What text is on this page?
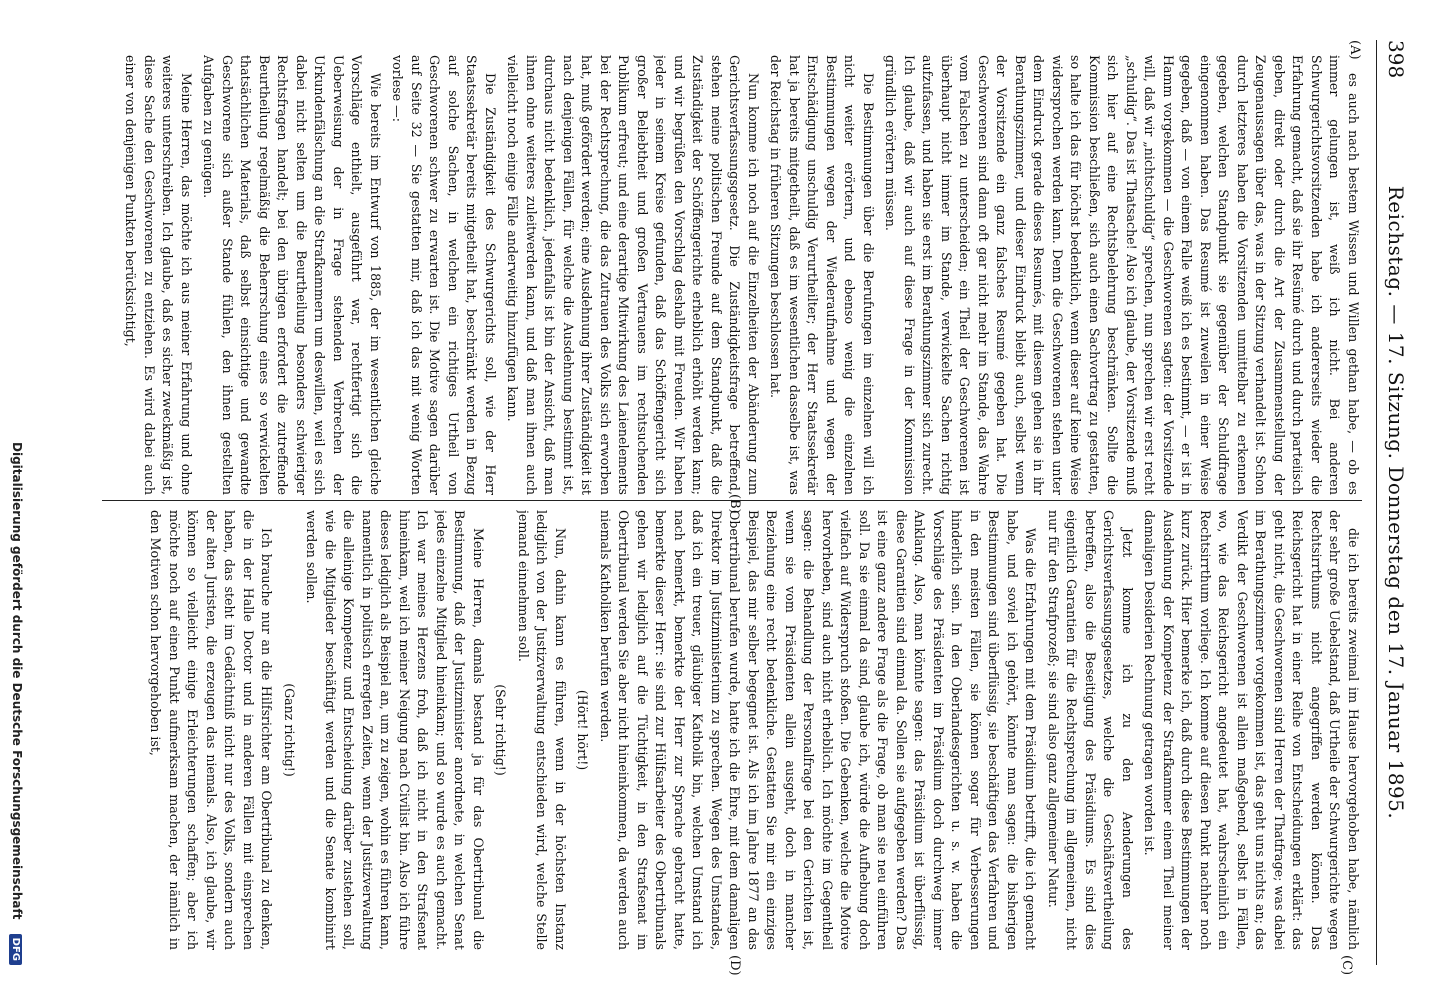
398
Reichstag. — 17. Sitzung. Donnerstag den 17. Januar 1895.
(A)
(B)
(C)
(D)

es auch nach bestem Wissen und Willen gethan habe, — ob es immer gelungen ist, weiß ich nicht. Bei anderen Schwurgerichtsvorsitzenden habe ich andererseits wieder die Erfahrung gemacht, daß sie ihr Resümé durch und durch parteiisch geben, direkt oder durch die Art der Zusammenstellung der Zeugenaussagen über das, was in der Sitzung verhandelt ist. Schon durch letzteres haben die Vorsitzenden unmittelbar zu erkennen gegeben, welchen Standpunkt sie gegenüber der Schuldfrage eingenommen haben. Das Resumé ist zuweilen in einer Weise gegeben, daß — von einem Falle weiß ich es bestimmt, — er ist in Hamm vorgekommen — die Geschworenen sagten: der Vorsitzende will, daß wir „nichtschuldig“ sprechen, nun sprechen wir erst recht „schuldig“. Das ist Thatsache! Also ich glaube, der Vorsitzende muß sich hier auf eine Rechtsbelehrung beschränken. Sollte die Kommission beschließen, sich auch einen Sachvortrag zu gestatten, so halte ich das für höchst bedenklich, wenn dieser auf keine Weise widersprochen werden kann. Denn die Geschworenen stehen unter dem Eindruck gerade dieses Resumés, mit diesem gehen sie in ihr Berathungszimmer, und dieser Eindruck bleibt auch, selbst wenn der Vorsitzende ein ganz falsches Resumé gegeben hat. Die Geschworenen sind dann oft gar nicht mehr im Stande, das Wahre vom Falschen zu unterscheiden; ein Theil der Geschworenen ist überhaupt nicht immer im Stande, verwickelte Sachen richtig aufzufassen, und haben sie erst im Berathungszimmer sich zurecht. Ich glaube, daß wir auch auf diese Frage in der Kommission gründlich erörtern müssen.

Die Bestimmungen über die Berufungen im einzelnen will ich nicht weiter erörtern, und ebenso wenig die einzelnen Bestimmungen wegen der Wiederaufnahme und wegen der Entschädigung unschuldig Verurtheilter; der Herr Staatssekretär hat ja bereits mitgetheilt, daß es im wesentlichen dasselbe ist, was der Reichstag in früheren Sitzungen beschlossen hat.

Nun komme ich noch auf die Einzelheiten der Abänderung zum Gerichtsverfassungsgesetz. Die Zuständigkeitsfrage betreffend, stehen meine politischen Freunde auf dem Standpunkt, daß die Zuständigkeit der Schöffengerichte erheblich erhöht werden kann; und wir begrüßen den Vorschlag deshalb mit Freuden. Wir haben jeder in seinem Kreise gefunden, daß das Schöffengericht sich großer Beliebtheit und großen Vertrauens im rechtsuchenden Publikum erfreut; und eine derartige Mitwirkung des Laienelements bei der Rechtsprechung, die das Zutrauen des Volks sich erworben hat, muß gefördert werden; eine Ausdehnung ihrer Zuständigkeit ist nach denjenigen Fällen, für welche die Ausdehnung bestimmt ist, durchaus nicht bedenklich, jedenfalls ist bin der Ansicht, daß man ihnen ohne weiteres zuleitwerden kann, und daß man ihnen auch vielleicht noch einige Fälle anderweitig hinzufügen kann.

Die Zuständigkeit des Schwurgerichts soll, wie der Herr Staatssekretär bereits mitgetheilt hat, beschränkt werden in Bezug auf solche Sachen, in welchen ein richtiges Urtheil von Geschworenen schwer zu erwarten ist. Die Motive sagen darüber auf Seite 32 — Sie gestatten mir, daß ich das mit wenig Worten vorlese —:

Wie bereits im Entwurf von 1885, der im wesentlichen gleiche Vorschläge enthielt, ausgeführt war, rechtfertigt sich die Ueberweisung der in Frage stehenden Verbrechen der Urkundenfälschung an die Strafkammern um deswillen, weil es sich dabei nicht selten um die Beurtheilung besonders schwieriger Rechtsfragen handelt; bei den übrigen erfordert die zutreffende Beurtheilung regelmäßig die Beherrschung eines so verwickelten thatsächlichen Materials, daß selbst einsichtige und gewandte Geschworene sich außer Stande fühlen, den ihnen gestellten Aufgaben zu genügen.

Meine Herren, das möchte ich aus meiner Erfahrung und ohne weiteres unterschreiben. Ich glaube, daß es sicher zweckmäßig ist, diese Sache den Geschworenen zu entziehen. Es wird dabei auch einer von denjenigen Punkten berücksichtigt,

die ich bereits zweimal im Hause hervorgehoben habe, nämlich der sehr große Uebelstand, daß Urtheile der Schwurgerichte wegen Rechtsirrthums nicht angegriffen werden können. Das Reichsgericht hat in einer Reihe von Entscheidungen erklärt: das geht nicht, die Geschworenen sind Herren der Thatfrage; was dabei im Berathungszimmer vorgekommen ist, das geht uns nichts an; das Verdikt der Geschworenen ist allein maßgebend, selbst in Fällen, wo, wie das Reichsgericht angedeutet hat, wahrscheinlich ein Rechtsirrthum vorliege. Ich komme auf diesen Punkt nachher noch kurz zurück. Hier bemerke ich, daß durch diese Bestimmungen der Ausdehnung der Kompetenz der Strafkammer einem Theil meiner damaligen Desiderien Rechnung getragen worden ist.

Jetzt komme ich zu den Aenderungen des Gerichtsverfassungsgesetzes, welche die Geschäftsvertheilung betreffen, also die Beseitigung des Präsidiums. Es sind dies eigentlich Garantien für die Rechtsprechung im allgemeinen, nicht nur für den Strafprozeß; sie sind also ganz allgemeiner Natur.

Was die Erfahrungen mit dem Präsidium betrifft, die ich gemacht habe, und soviel ich gehört, könnte man sagen: die bisherigen Bestimmungen sind überflüssig, sie beschäftigen das Verfahren und in den meisten Fällen, sie können sogar für Verbesserungen hinderlich sein. In den Oberlandesgerichten u. s. w. haben die Vorschläge des Präsidenten im Präsidium doch durchweg immer Anklang. Also, man könnte sagen: das Präsidium ist überflüssig, diese Garantien sind einmal da. Sollen sie aufgegeben werden? Das ist eine ganz andere Frage als die Frage, ob man sie neu einführen soll. Da sie einmal da sind, glaube ich, würde die Aufhebung doch vielfach auf Widerspruch stoßen. Die Gebenken, welche die Motive hervorheben, sind auch nicht erheblich. Ich möchte im Gegentheil sagen: die Behandlung der Personalfrage bei den Gerichten ist, wenn sie vom Präsidenten allein ausgeht, doch in mancher Beziehung eine recht bedenkliche. Gestatten Sie mir ein einziges Beispiel, das mir selber begegnet ist. Als ich im Jahre 1877 an das Obertribunal berufen wurde, hatte ich die Ehre, mit dem damaligen Direktor im Justizministerium zu sprechen. Wegen des Umstandes, daß ich ein treuer, gläubiger Katholik bin, welchen Umstand ich nach bemerkt, bemerkte der Herr zur Sprache gebracht hatte, bemerkte dieser Herr: sie sind zur Hülfsarbeiter des Obertribunals gehen wir lediglich auf die Tüchtigkeit, in den Strafsenat im Obertribunal werden Sie aber nicht hineinkommen, da werden auch niemals Katholiken berufen werden.

(Hört! hört!)

Nun, dahin kann es führen, wenn in der höchsten Instanz lediglich von der Justizverwaltung entschieden wird, welche Stelle jemand einnehmen soll.

(Sehr richtig!)

Meine Herren, damals bestand ja für das Obertribunal die Bestimmung, daß der Justizminister anordnete, in welchen Senat jedes einzelne Mitglied hineinkam; und so wurde es auch gemacht. Ich war meines Herzens froh, daß ich nicht in den Strafsenat hineinkam, weil ich meiner Neigung nach Civilist bin. Also ich führe dieses lediglich als Beispiel an, um zu zeigen, wohin es führen kann, namentlich in politisch erregten Zeiten, wenn der Justizverwaltung die alleinige Kompetenz und Entscheidung darüber zustehen soll, wie die Mitglieder beschäftigt werden und die Senate kombinirt werden sollen.

(Ganz richtig!)

Ich brauche nur an die Hilfsrichter am Obertribunal zu denken, die in der Halle Doctor und in anderen Fällen mit einsprechen haben, das steht im Gedächtniß nicht nur des Volks, sondern auch der alten Juristen, die erzeugen das niemals. Also, ich glaube, wir können so vielleicht einige Erleichterungen schaffen; aber ich möchte noch auf einen Punkt aufmerksam machen, der nämlich in den Motiven schon hervorgehoben ist,

Digitalisierung gefördert durch die Deutsche Forschungsgemeinschaft DFG
